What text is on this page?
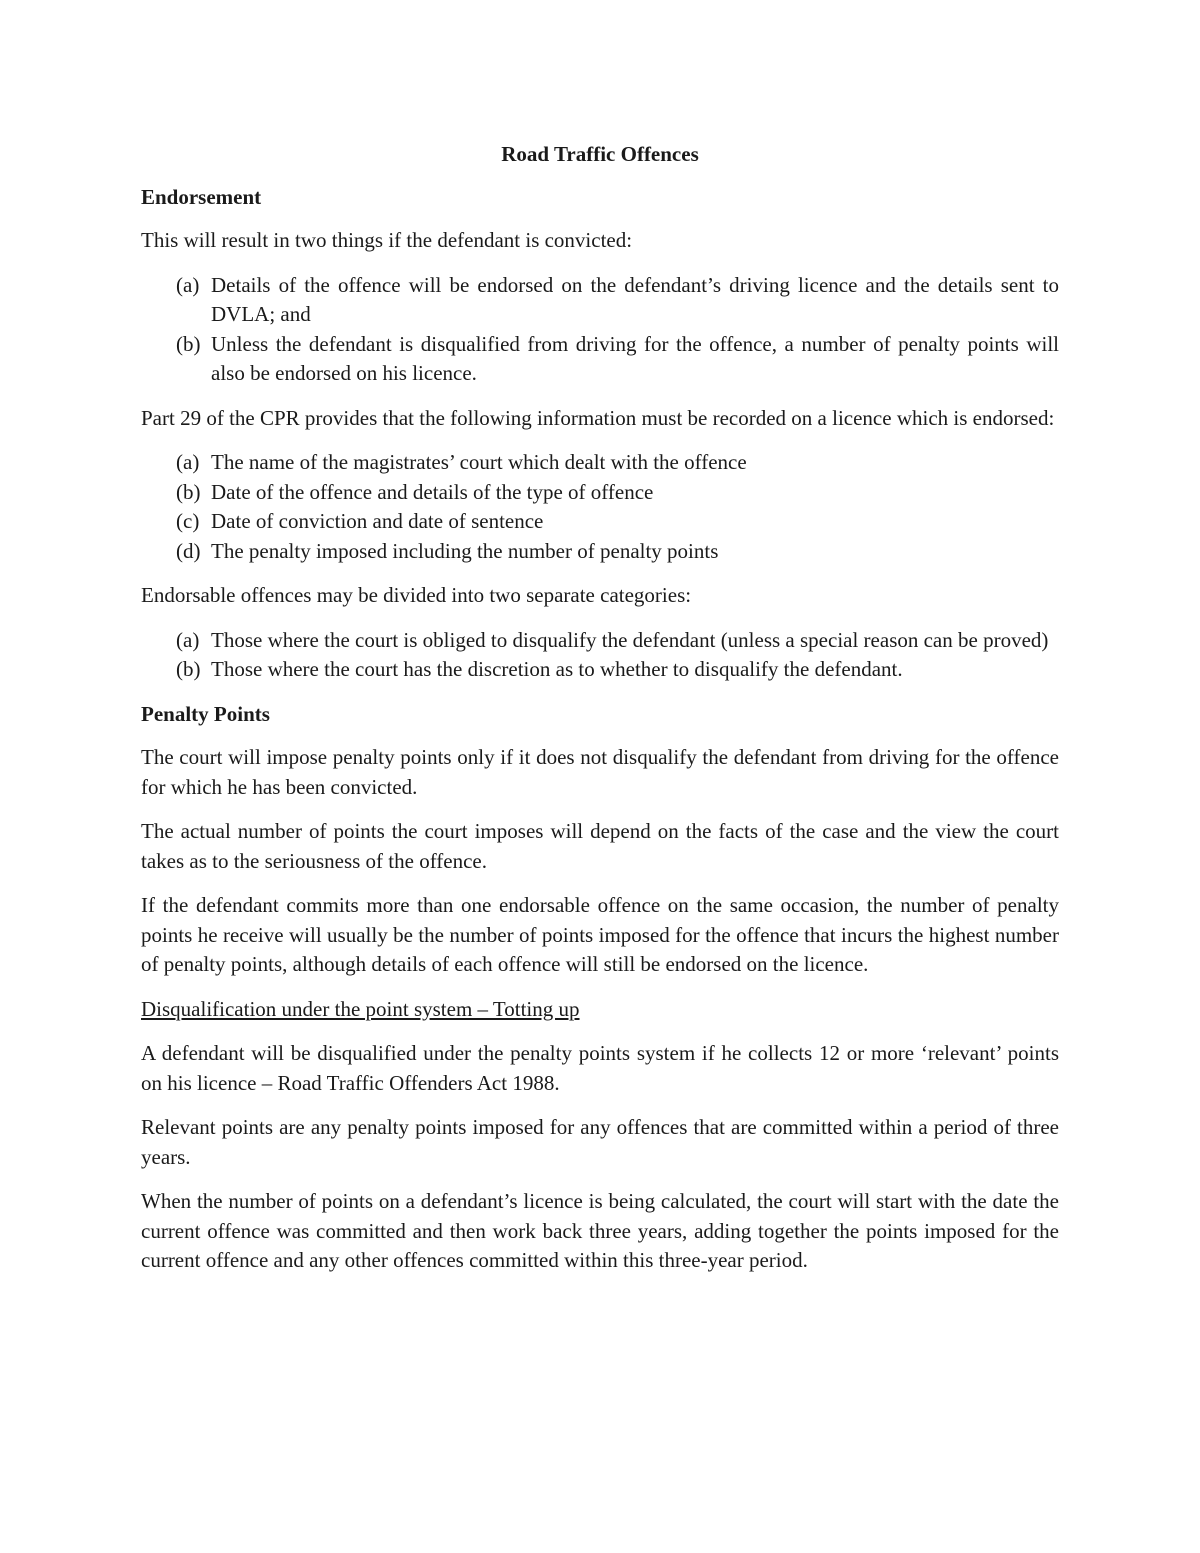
Road Traffic Offences
Endorsement

This will result in two things if the defendant is convicted:

(a) Details of the offence will be endorsed on the defendant’s driving licence and the details sent to DVLA; and
(b) Unless the defendant is disqualified from driving for the offence, a number of penalty points will also be endorsed on his licence.

Part 29 of the CPR provides that the following information must be recorded on a licence which is endorsed:

(a) The name of the magistrates’ court which dealt with the offence
(b) Date of the offence and details of the type of offence
(c) Date of conviction and date of sentence
(d) The penalty imposed including the number of penalty points

Endorsable offences may be divided into two separate categories:

(a) Those where the court is obliged to disqualify the defendant (unless a special reason can be proved)
(b) Those where the court has the discretion as to whether to disqualify the defendant.
Penalty Points

The court will impose penalty points only if it does not disqualify the defendant from driving for the offence for which he has been convicted.

The actual number of points the court imposes will depend on the facts of the case and the view the court takes as to the seriousness of the offence.

If the defendant commits more than one endorsable offence on the same occasion, the number of penalty points he receive will usually be the number of points imposed for the offence that incurs the highest number of penalty points, although details of each offence will still be endorsed on the licence.

Disqualification under the point system – Totting up

A defendant will be disqualified under the penalty points system if he collects 12 or more ‘relevant’ points on his licence – Road Traffic Offenders Act 1988.

Relevant points are any penalty points imposed for any offences that are committed within a period of three years.

When the number of points on a defendant’s licence is being calculated, the court will start with the date the current offence was committed and then work back three years, adding together the points imposed for the current offence and any other offences committed within this three-year period.
